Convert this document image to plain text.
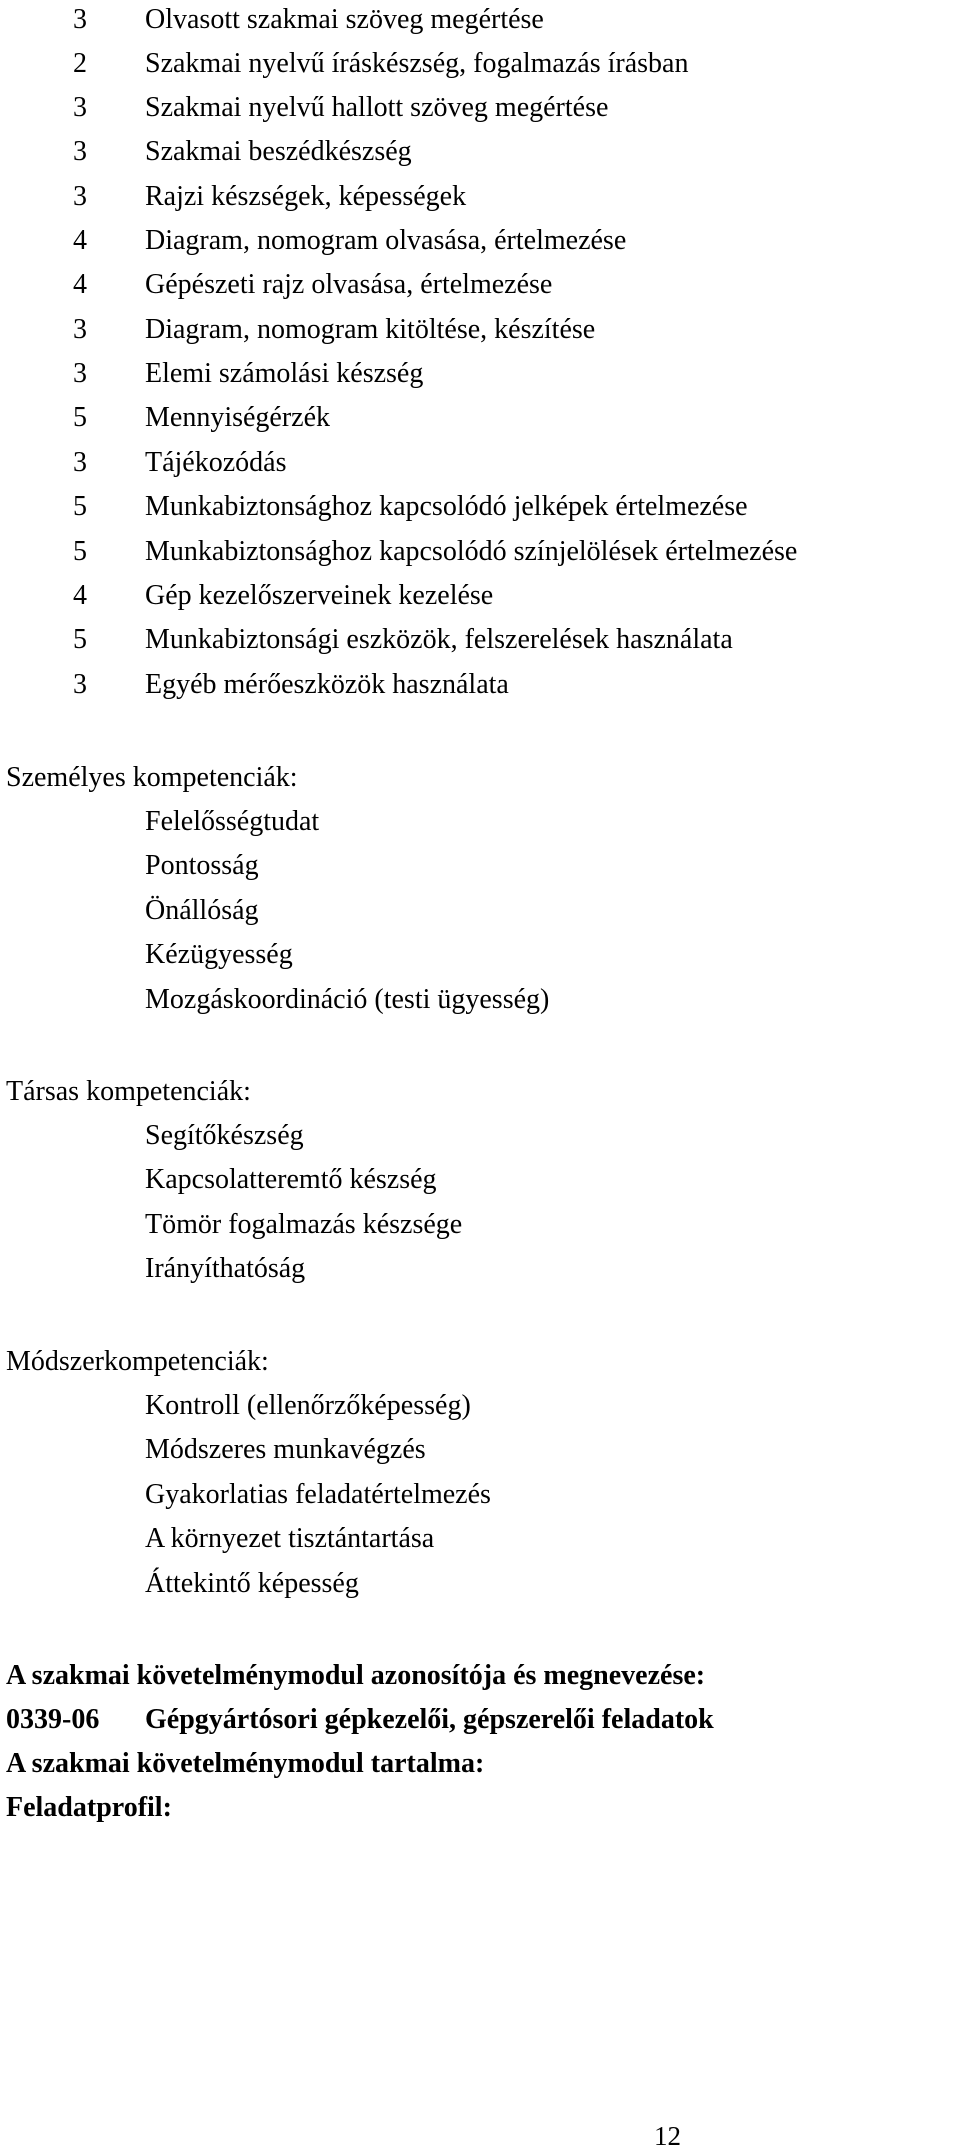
3 Olvasott szakmai szöveg megértése
2 Szakmai nyelvű íráskészség, fogalmazás írásban
3 Szakmai nyelvű hallott szöveg megértése
3 Szakmai beszédkészség
3 Rajzi készségek, képességek
4 Diagram, nomogram olvasása, értelmezése
4 Gépészeti rajz olvasása, értelmezése
3 Diagram, nomogram kitöltése, készítése
3 Elemi számolási készség
5 Mennyiségérzék
3 Tájékozódás
5 Munkabiztonsághoz kapcsolódó jelképek értelmezése
5 Munkabiztonsághoz kapcsolódó színjelölések értelmezése
4 Gép kezelőszerveinek kezelése
5 Munkabiztonsági eszközök, felszerelések használata
3 Egyéb mérőeszközök használata
Személyes kompetenciák:
Felelősségtudat
Pontosság
Önállóság
Kézügyesség
Mozgáskoordináció (testi ügyesség)
Társas kompetenciák:
Segítőkészség
Kapcsolatteremtő készség
Tömör fogalmazás készsége
Irányíthatóság
Módszerkompetenciák:
Kontroll (ellenőrzőképesség)
Módszeres munkavégzés
Gyakorlatias feladatértelmezés
A környezet tisztántartása
Áttekintő képesség
A szakmai követelménymodul azonosítója és megnevezése:
0339-06 Gépgyártósori gépkezelői, gépszerelői feladatok
A szakmai követelménymodul tartalma:
Feladatprofil:
12
